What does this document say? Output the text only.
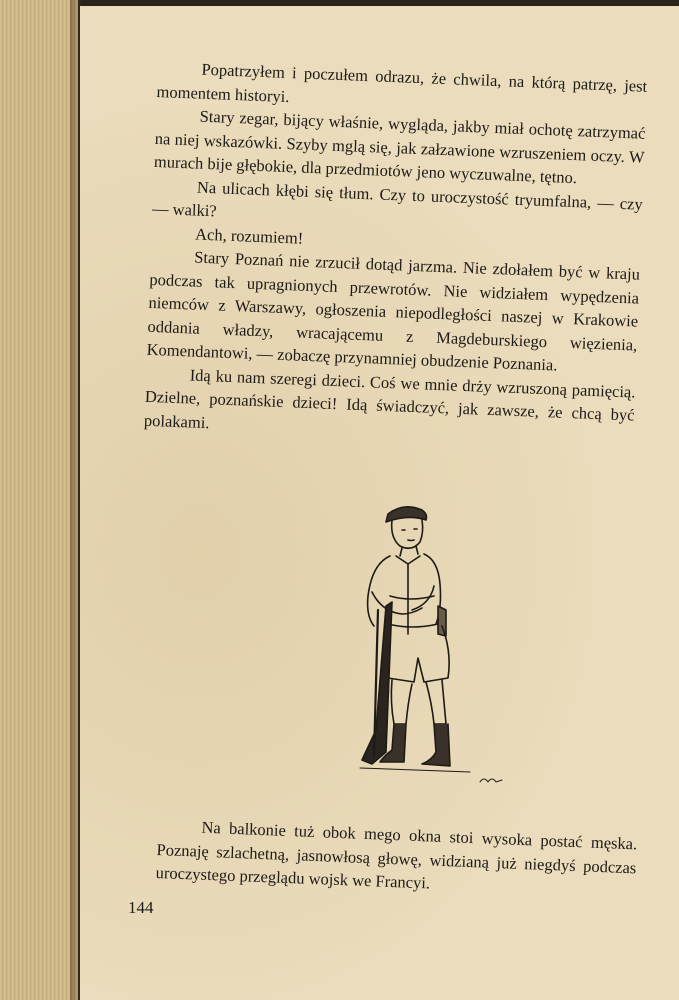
Popatrzyłem i poczułem odrazu, że chwila, na którą patrzę, jest momentem historyi.

Stary zegar, bijący właśnie, wygląda, jakby miał ochotę zatrzymać na niej wskazówki. Szyby mglą się, jak załzawione wzruszeniem oczy. W murach bije głębokie, dla przedmiotów jeno wyczuwalne, tętno.

Na ulicach kłębi się tłum. Czy to uroczystość tryumfalna, — czy — walki?

Ach, rozumiem!

Stary Poznań nie zrzucił dotąd jarzma. Nie zdołałem być w kraju podczas tak upragnionych przewrotów. Nie widziałem wypędzenia niemców z Warszawy, ogłoszenia niepodległości naszej w Krakowie oddania władzy, wracającemu z Magdeburskiego więzienia, Komendantowi, — zobaczę przynamniej obudzenie Poznania.

Idą ku nam szeregi dzieci. Coś we mnie drży wzruszoną pamięcią. Dzielne, poznańskie dzieci! Idą świadczyć, jak zawsze, że chcą być polakami.

Na balkonie tuż obok mego okna stoi wysoka postać męska. Poznaję szlachetną, jasnowłosą głowę, widzianą już niegdyś podczas uroczystego przeglądu wojsk we Francyi.

144
